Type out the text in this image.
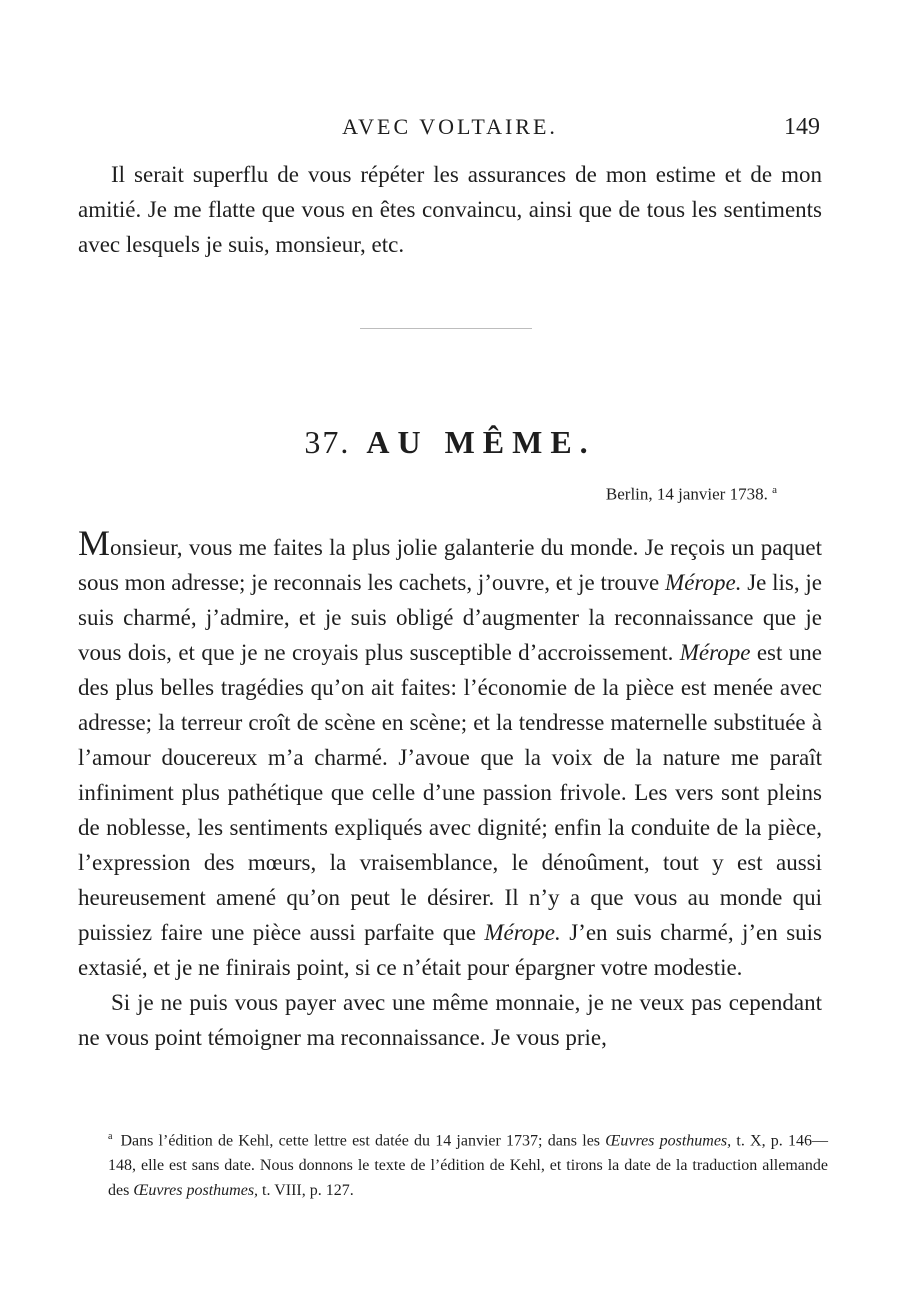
AVEC VOLTAIRE.	149

Il serait superflu de vous répéter les assurances de mon estime et de mon amitié. Je me flatte que vous en êtes convaincu, ainsi que de tous les sentiments avec lesquels je suis, monsieur, etc.

37. AU MÊME.
Berlin, 14 janvier 1738. $^a$

Monsieur, vous me faites la plus jolie galanterie du monde. Je reçois un paquet sous mon adresse; je reconnais les cachets, j’ouvre, et je trouve Mérope. Je lis, je suis charmé, j’admire, et je suis obligé d’augmenter la reconnaissance que je vous dois, et que je ne croyais plus susceptible d’accroissement. Mérope est une des plus belles tragédies qu’on ait faites: l’économie de la pièce est menée avec adresse; la terreur croît de scène en scène; et la tendresse maternelle substituée à l’amour doucereux m’a charmé. J’avoue que la voix de la nature me paraît infiniment plus pathétique que celle d’une passion frivole. Les vers sont pleins de noblesse, les sentiments expliqués avec dignité; enfin la conduite de la pièce, l’expression des mœurs, la vraisemblance, le dénoûment, tout y est aussi heureusement amené qu’on peut le désirer. Il n’y a que vous au monde qui puissiez faire une pièce aussi parfaite que Mérope. J’en suis charmé, j’en suis extasié, et je ne finirais point, si ce n’était pour épargner votre modestie.

Si je ne puis vous payer avec une même monnaie, je ne veux pas cependant ne vous point témoigner ma reconnaissance. Je vous prie,

$^a$ Dans l’édition de Kehl, cette lettre est datée du 14 janvier 1737; dans les Œuvres posthumes, t. X, p. 146—148, elle est sans date. Nous donnons le texte de l’édition de Kehl, et tirons la date de la traduction allemande des Œuvres posthumes, t. VIII, p. 127.
